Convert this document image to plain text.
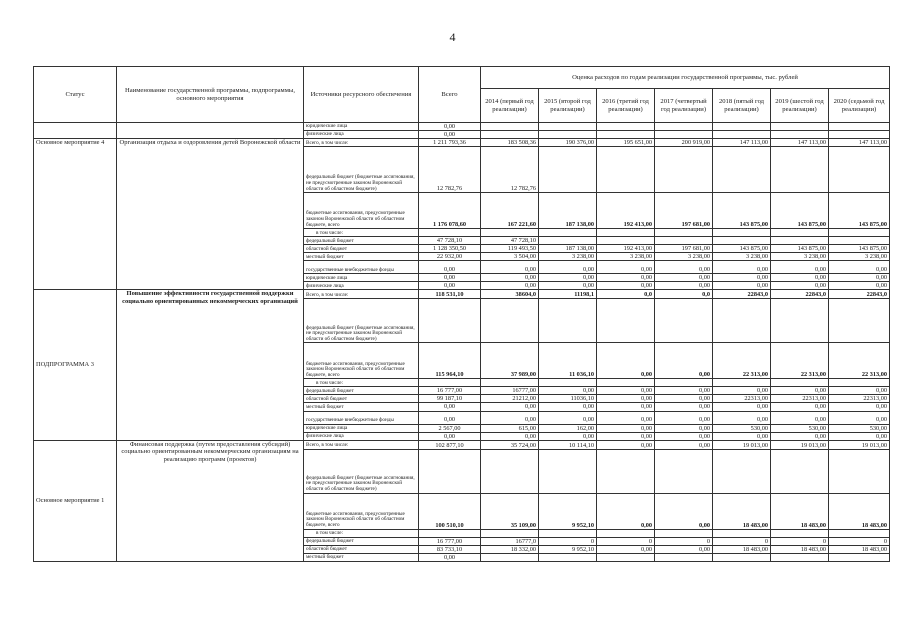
4
Статус	Наименование государственной программы, подпрограммы, основного мероприятия	Источники ресурсного обеспечения	Всего	Оценка расходов по годам реализации государственной программы, тыс. рублей						
				2014 (первый год реализации)	2015 (второй год реализации)	2016 (третий год реализации)	2017 (четвертый год реализации)	2018 (пятый год реализации)	2019 (шестой год реализации)	2020 (седьмой год реализации)
		юридические лица	0,00							
		физические лица	0,00							
Основное мероприятие 4	Организация отдыха и оздоровления детей Воронежской области	Всего, в том числе:	1 211 793,36	183 508,36	190 376,00	195 651,00	200 919,00	147 113,00	147 113,00	147 113,00
		федеральный бюджет (бюджетные ассигнования, не предусмотренные законом Воронежской области об областном бюджете)	12 782,76	12 782,76						
		бюджетные ассигнования, предусмотренные законом Воронежской области об областном бюджете, всего	1 176 078,60	167 221,60	187 138,00	192 413,00	197 681,00	143 875,00	143 875,00	143 875,00
		в том числе:								
		федеральный бюджет	47 728,10	47 728,10						
		областной бюджет	1 128 350,50	119 493,50	187 138,00	192 413,00	197 681,00	143 875,00	143 875,00	143 875,00
		местный бюджет	22 932,00	3 504,00	3 238,00	3 238,00	3 238,00	3 238,00	3 238,00	3 238,00
		государственные внебюджетные фонды	0,00	0,00	0,00	0,00	0,00	0,00	0,00	0,00
		юридические лица	0,00	0,00	0,00	0,00	0,00	0,00	0,00	0,00
		физические лица	0,00	0,00	0,00	0,00	0,00	0,00	0,00	0,00
ПОДПРОГРАММА 3	Повышение эффективности государственной поддержки социально ориентированных некоммерческих организаций	Всего, в том числе:	118 531,10	38604,0	11198,1	0,0	0,0	22843,0	22843,0	22843,0
		федеральный бюджет (бюджетные ассигнования, не предусмотренные законом Воронежской области об областном бюджете)								
		бюджетные ассигнования, предусмотренные законом Воронежской области об областном бюджете, всего	115 964,10	37 989,00	11 036,10	0,00	0,00	22 313,00	22 313,00	22 313,00
		в том числе:								
		федеральный бюджет	16 777,00	16777,00	0,00	0,00	0,00	0,00	0,00	0,00
		областной бюджет	99 187,10	21212,00	11036,10	0,00	0,00	22313,00	22313,00	22313,00
		местный бюджет	0,00	0,00	0,00	0,00	0,00	0,00	0,00	0,00
		государственные внебюджетные фонды	0,00	0,00	0,00	0,00	0,00	0,00	0,00	0,00
		юридические лица	2 567,00	615,00	162,00	0,00	0,00	530,00	530,00	530,00
		физические лица	0,00	0,00	0,00	0,00	0,00	0,00	0,00	0,00
Основное мероприятие 1	Финансовая поддержка (путем предоставления субсидий) социально ориентированным некоммерческим организациям на реализацию программ (проектов)	Всего, в том числе:	102 877,10	35 724,00	10 114,10	0,00	0,00	19 013,00	19 013,00	19 013,00
		федеральный бюджет (бюджетные ассигнования, не предусмотренные законом Воронежской области об областном бюджете)								
		бюджетные ассигнования, предусмотренные законом Воронежской области об областном бюджете, всего	100 510,10	35 109,00	9 952,10	0,00	0,00	18 483,00	18 483,00	18 483,00
		в том числе:								
		федеральный бюджет	16 777,00	16777,0	0	0	0	0	0	0
		областной бюджет	83 733,10	18 332,00	9 952,10	0,00	0,00	18 483,00	18 483,00	18 483,00
		местный бюджет	0,00							
